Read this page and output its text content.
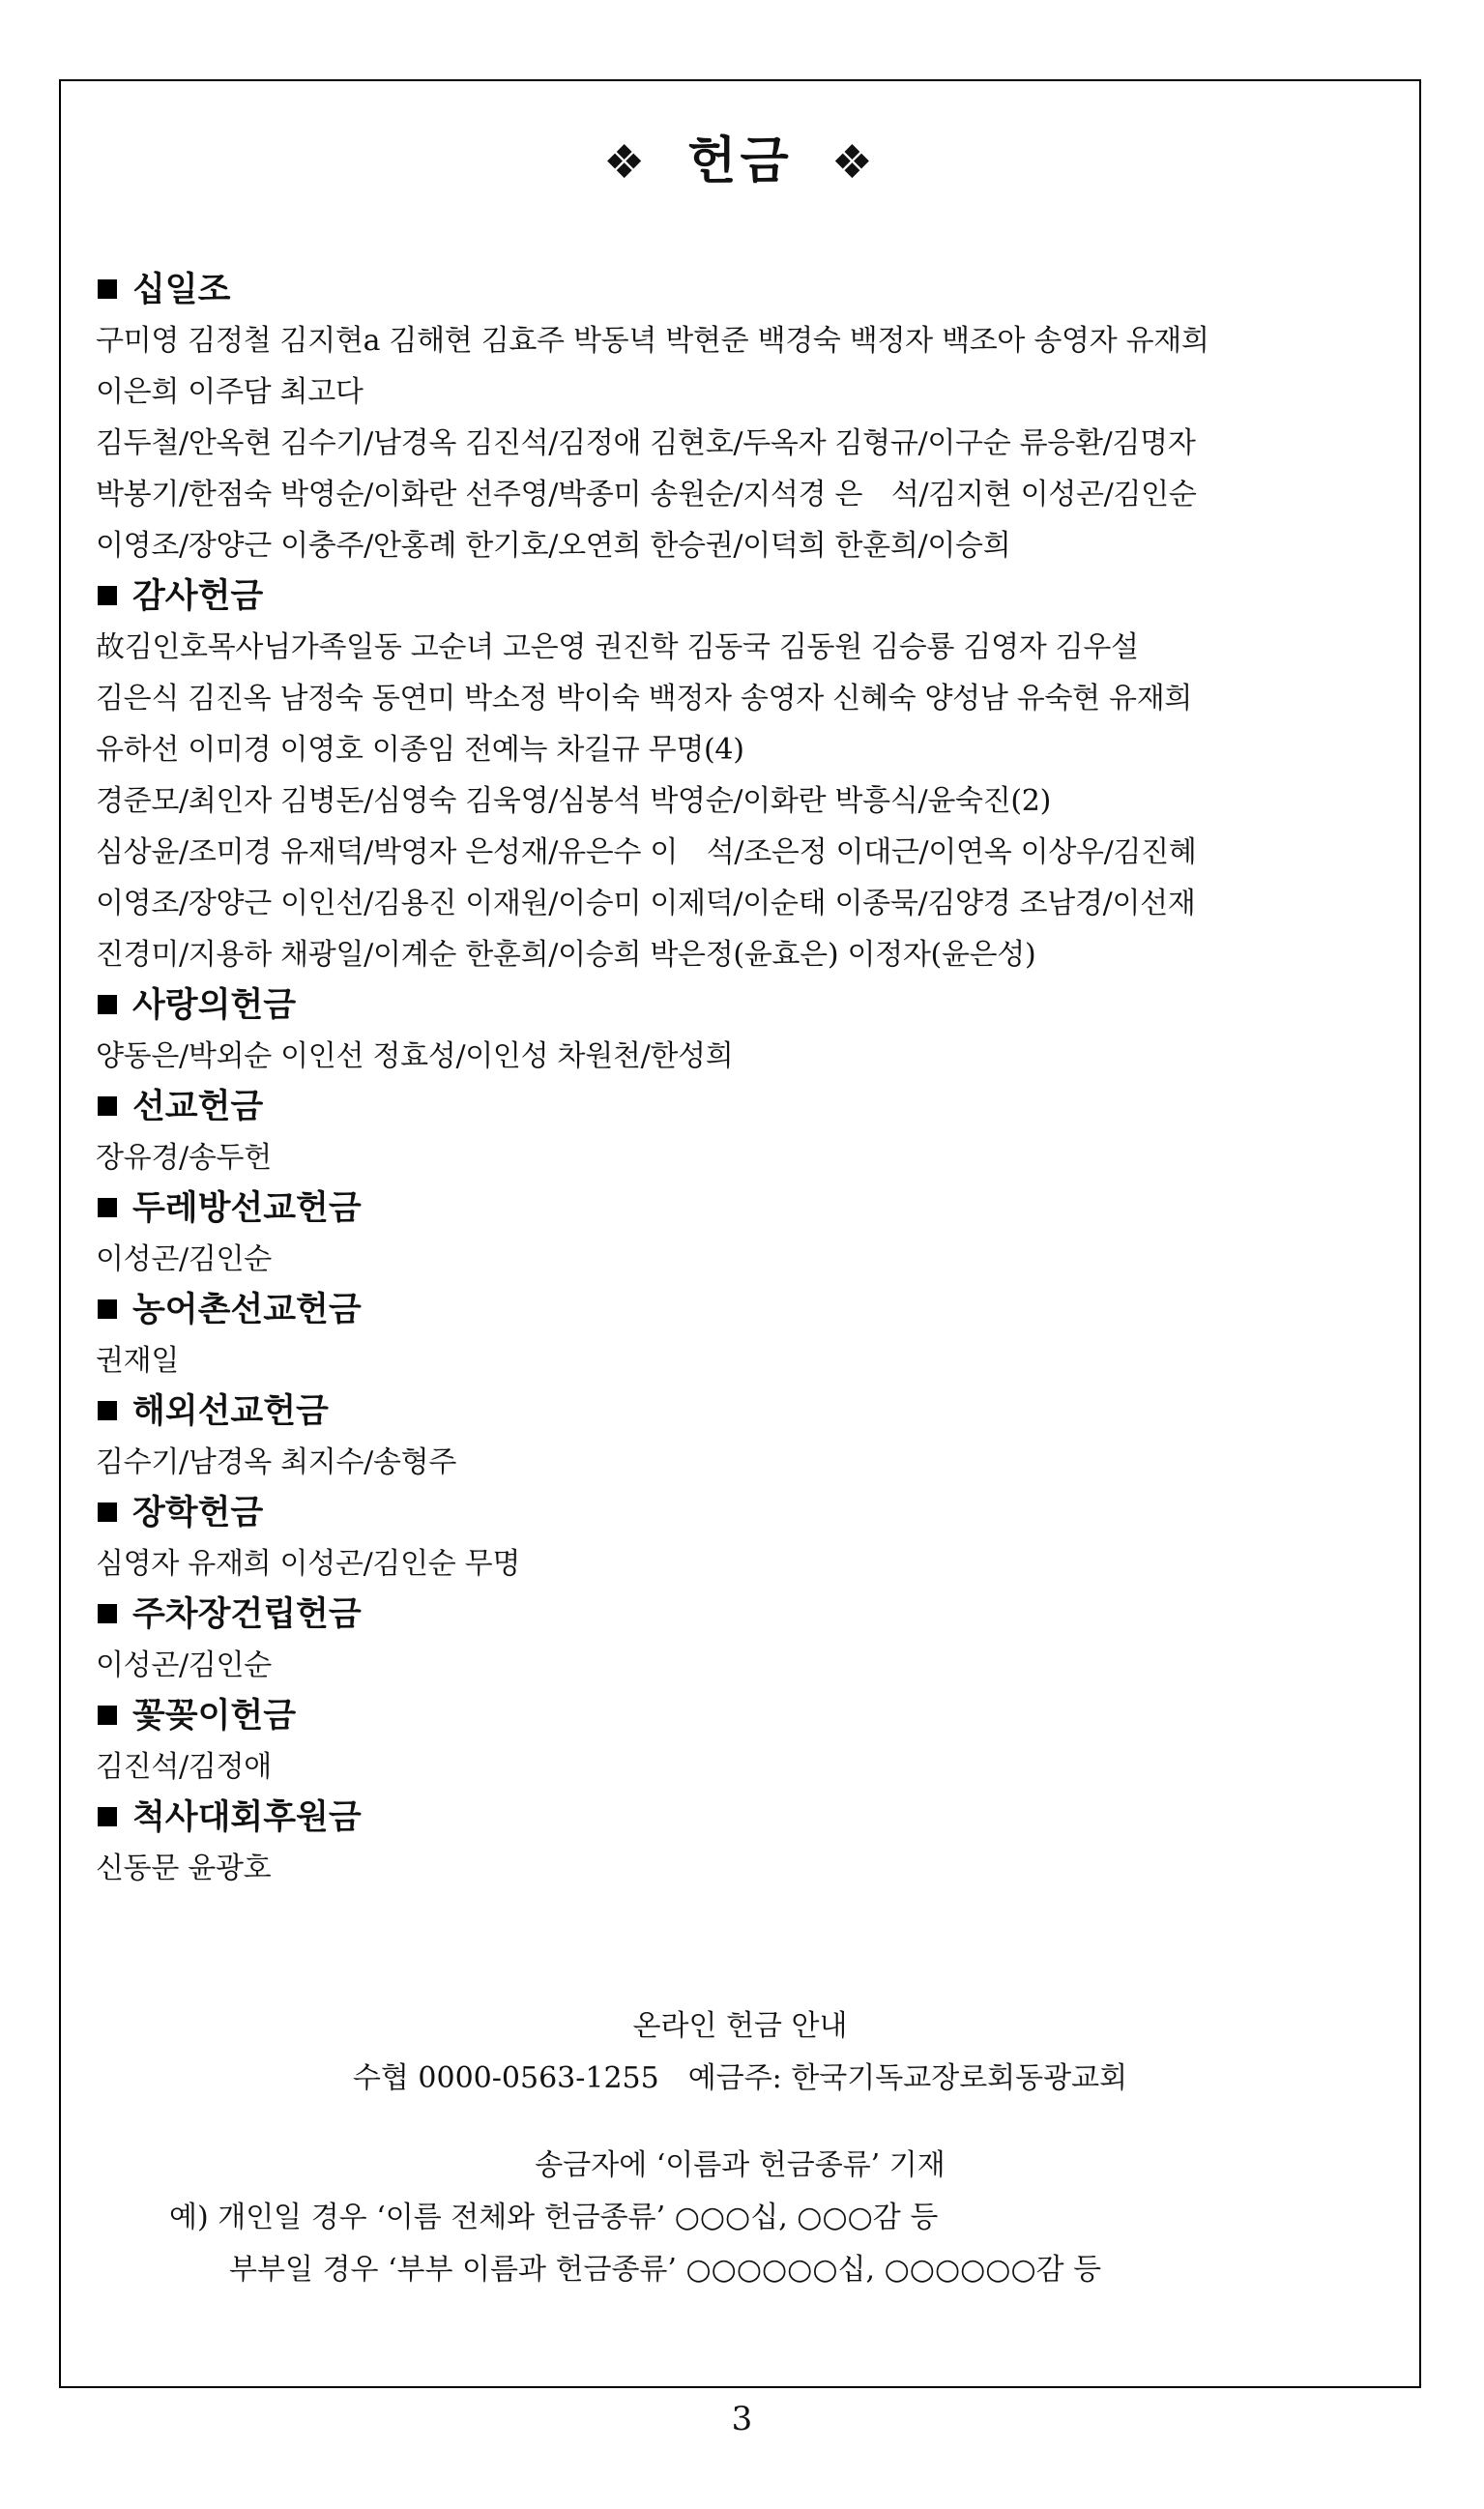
❖ 헌금 ❖
십일조
구미영 김정철 김지현a 김해현 김효주 박동녁 박현준 백경숙 백정자 백조아 송영자 유재희
이은희 이주담 최고다
김두철/안옥현 김수기/남경옥 김진석/김정애 김현호/두옥자 김형규/이구순 류응환/김명자
박봉기/한점숙 박영순/이화란 선주영/박종미 송원순/지석경 은　석/김지현 이성곤/김인순
이영조/장양근 이충주/안홍례 한기호/오연희 한승권/이덕희 한훈희/이승희
감사헌금
故김인호목사님가족일동 고순녀 고은영 권진학 김동국 김동원 김승룡 김영자 김우설
김은식 김진옥 남정숙 동연미 박소정 박이숙 백정자 송영자 신혜숙 양성남 유숙현 유재희
유하선 이미경 이영호 이종임 전예늑 차길규 무명(4)
경준모/최인자 김병돈/심영숙 김욱영/심봉석 박영순/이화란 박흥식/윤숙진(2)
심상윤/조미경 유재덕/박영자 은성재/유은수 이　석/조은정 이대근/이연옥 이상우/김진혜
이영조/장양근 이인선/김용진 이재원/이승미 이제덕/이순태 이종묵/김양경 조남경/이선재
진경미/지용하 채광일/이계순 한훈희/이승희 박은정(윤효은) 이정자(윤은성)
사랑의헌금
양동은/박외순 이인선 정효성/이인성 차원천/한성희
선교헌금
장유경/송두헌
두레방선교헌금
이성곤/김인순
농어촌선교헌금
권재일
해외선교헌금
김수기/남경옥 최지수/송형주
장학헌금
심영자 유재희 이성곤/김인순 무명
주차장건립헌금
이성곤/김인순
꽃꽂이헌금
김진석/김정애
척사대회후원금
신동문 윤광호
온라인 헌금 안내
수협 0000-0563-1255　예금주: 한국기독교장로회동광교회
송금자에 ‘이름과 헌금종류’ 기재
예) 개인일 경우 ‘이름 전체와 헌금종류’ ○○○십, ○○○감 등
부부일 경우 ‘부부 이름과 헌금종류’ ○○○○○○십, ○○○○○○감 등
3
